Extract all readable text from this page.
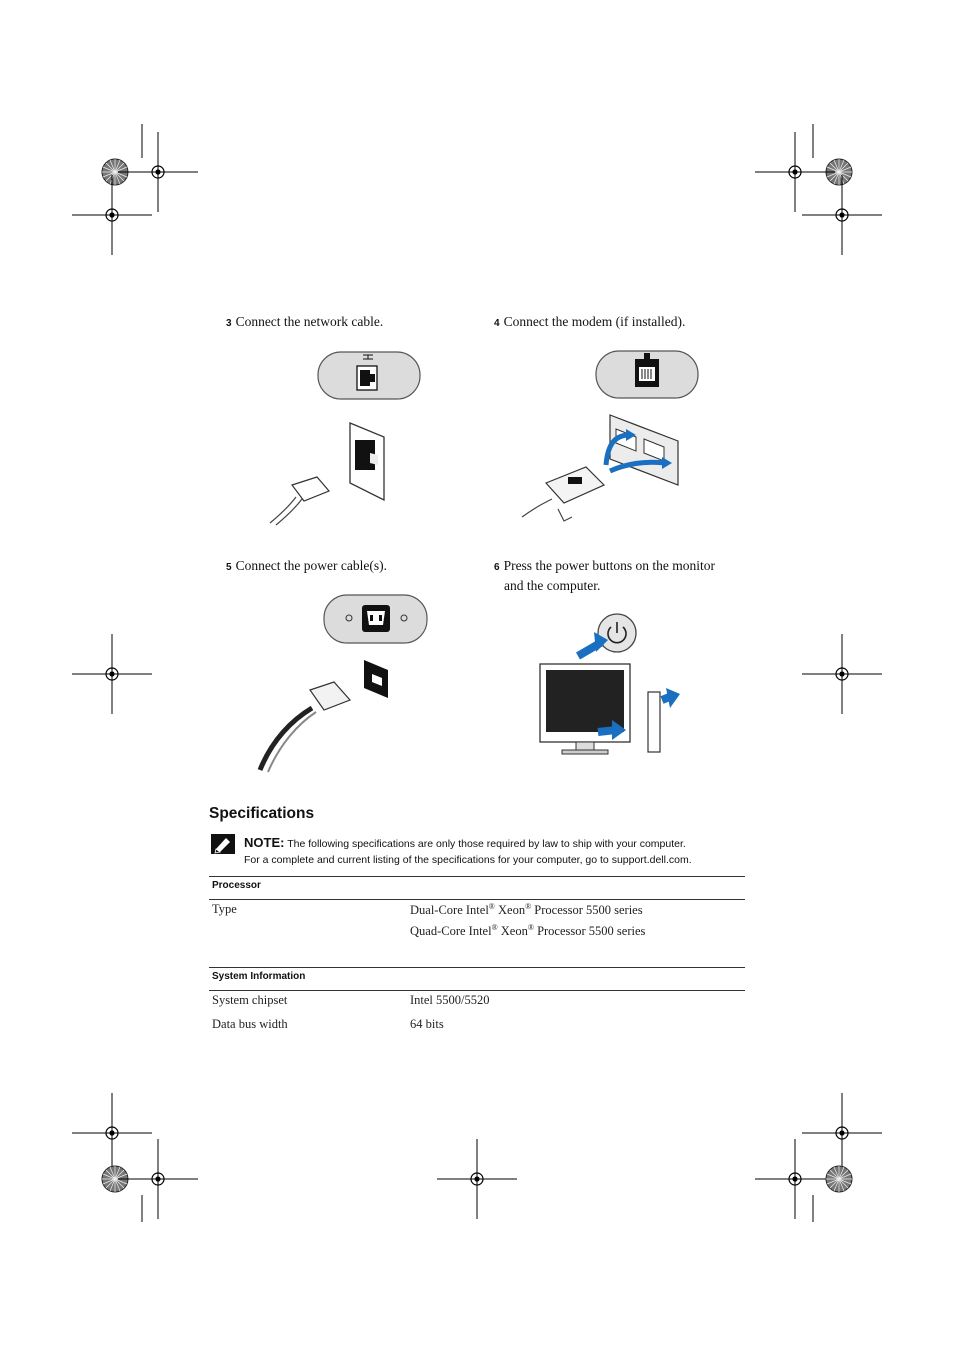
3 Connect the network cable.	4 Connect the modem (if installed).
5 Connect the power cable(s).	6 Press the power buttons on the monitor
and the computer.
Specifications
NOTE: The following specifications are only those required by law to ship with your computer.
For a complete and current listing of the specifications for your computer, go to support.dell.com.
Processor
Type	Dual-Core Intel® Xeon® Processor 5500 series
Quad-Core Intel® Xeon® Processor 5500 series
System Information
System chipset	Intel 5500/5520
Data bus width	64 bits
